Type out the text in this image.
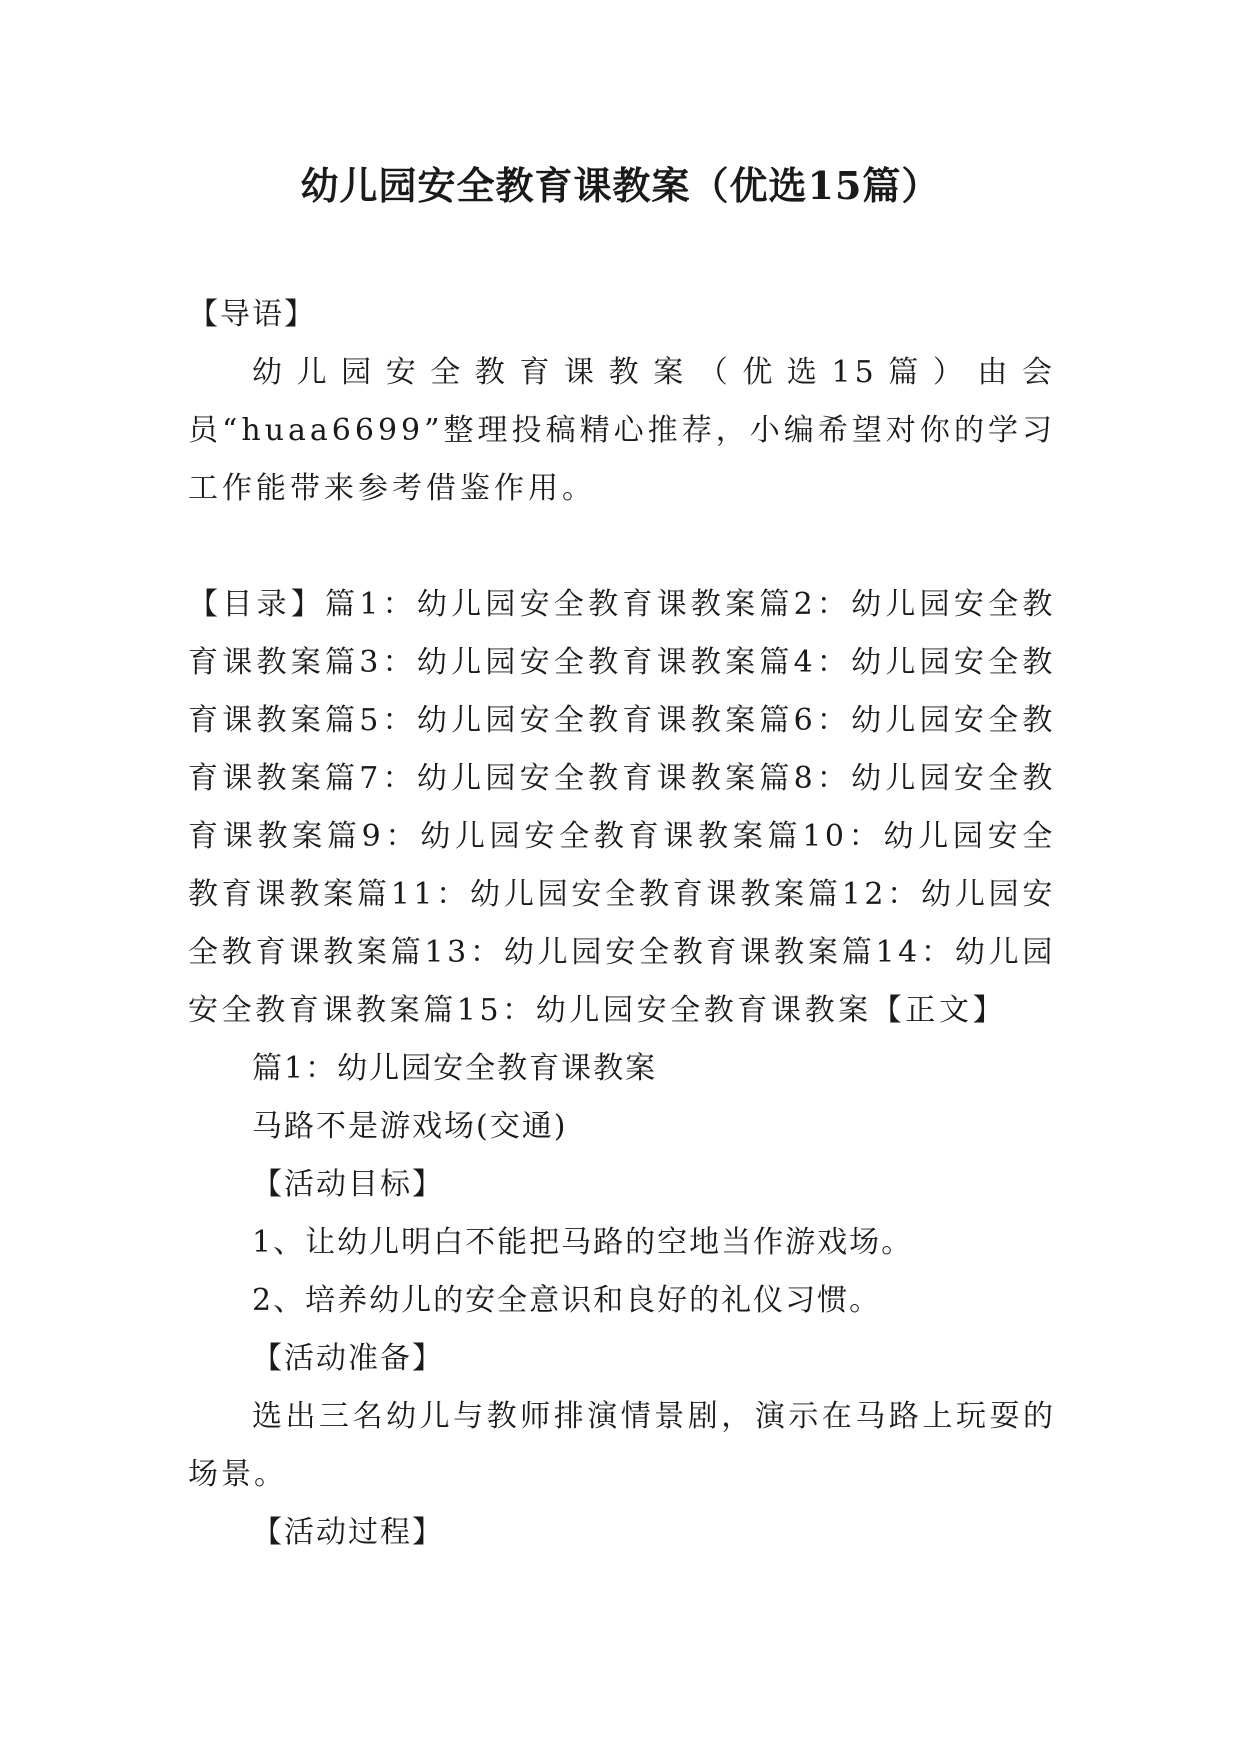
幼儿园安全教育课教案（优选15篇）

【导语】

幼儿园安全教育课教案（优选15篇）由会员“huaa6699”整理投稿精心推荐，小编希望对你的学习工作能带来参考借鉴作用。

【目录】篇1：幼儿园安全教育课教案篇2：幼儿园安全教育课教案篇3：幼儿园安全教育课教案篇4：幼儿园安全教育课教案篇5：幼儿园安全教育课教案篇6：幼儿园安全教育课教案篇7：幼儿园安全教育课教案篇8：幼儿园安全教育课教案篇9：幼儿园安全教育课教案篇10：幼儿园安全教育课教案篇11：幼儿园安全教育课教案篇12：幼儿园安全教育课教案篇13：幼儿园安全教育课教案篇14：幼儿园安全教育课教案篇15：幼儿园安全教育课教案【正文】

篇1：幼儿园安全教育课教案

马路不是游戏场(交通)

【活动目标】

1、让幼儿明白不能把马路的空地当作游戏场。

2、培养幼儿的安全意识和良好的礼仪习惯。

【活动准备】

选出三名幼儿与教师排演情景剧，演示在马路上玩耍的场景。

【活动过程】
